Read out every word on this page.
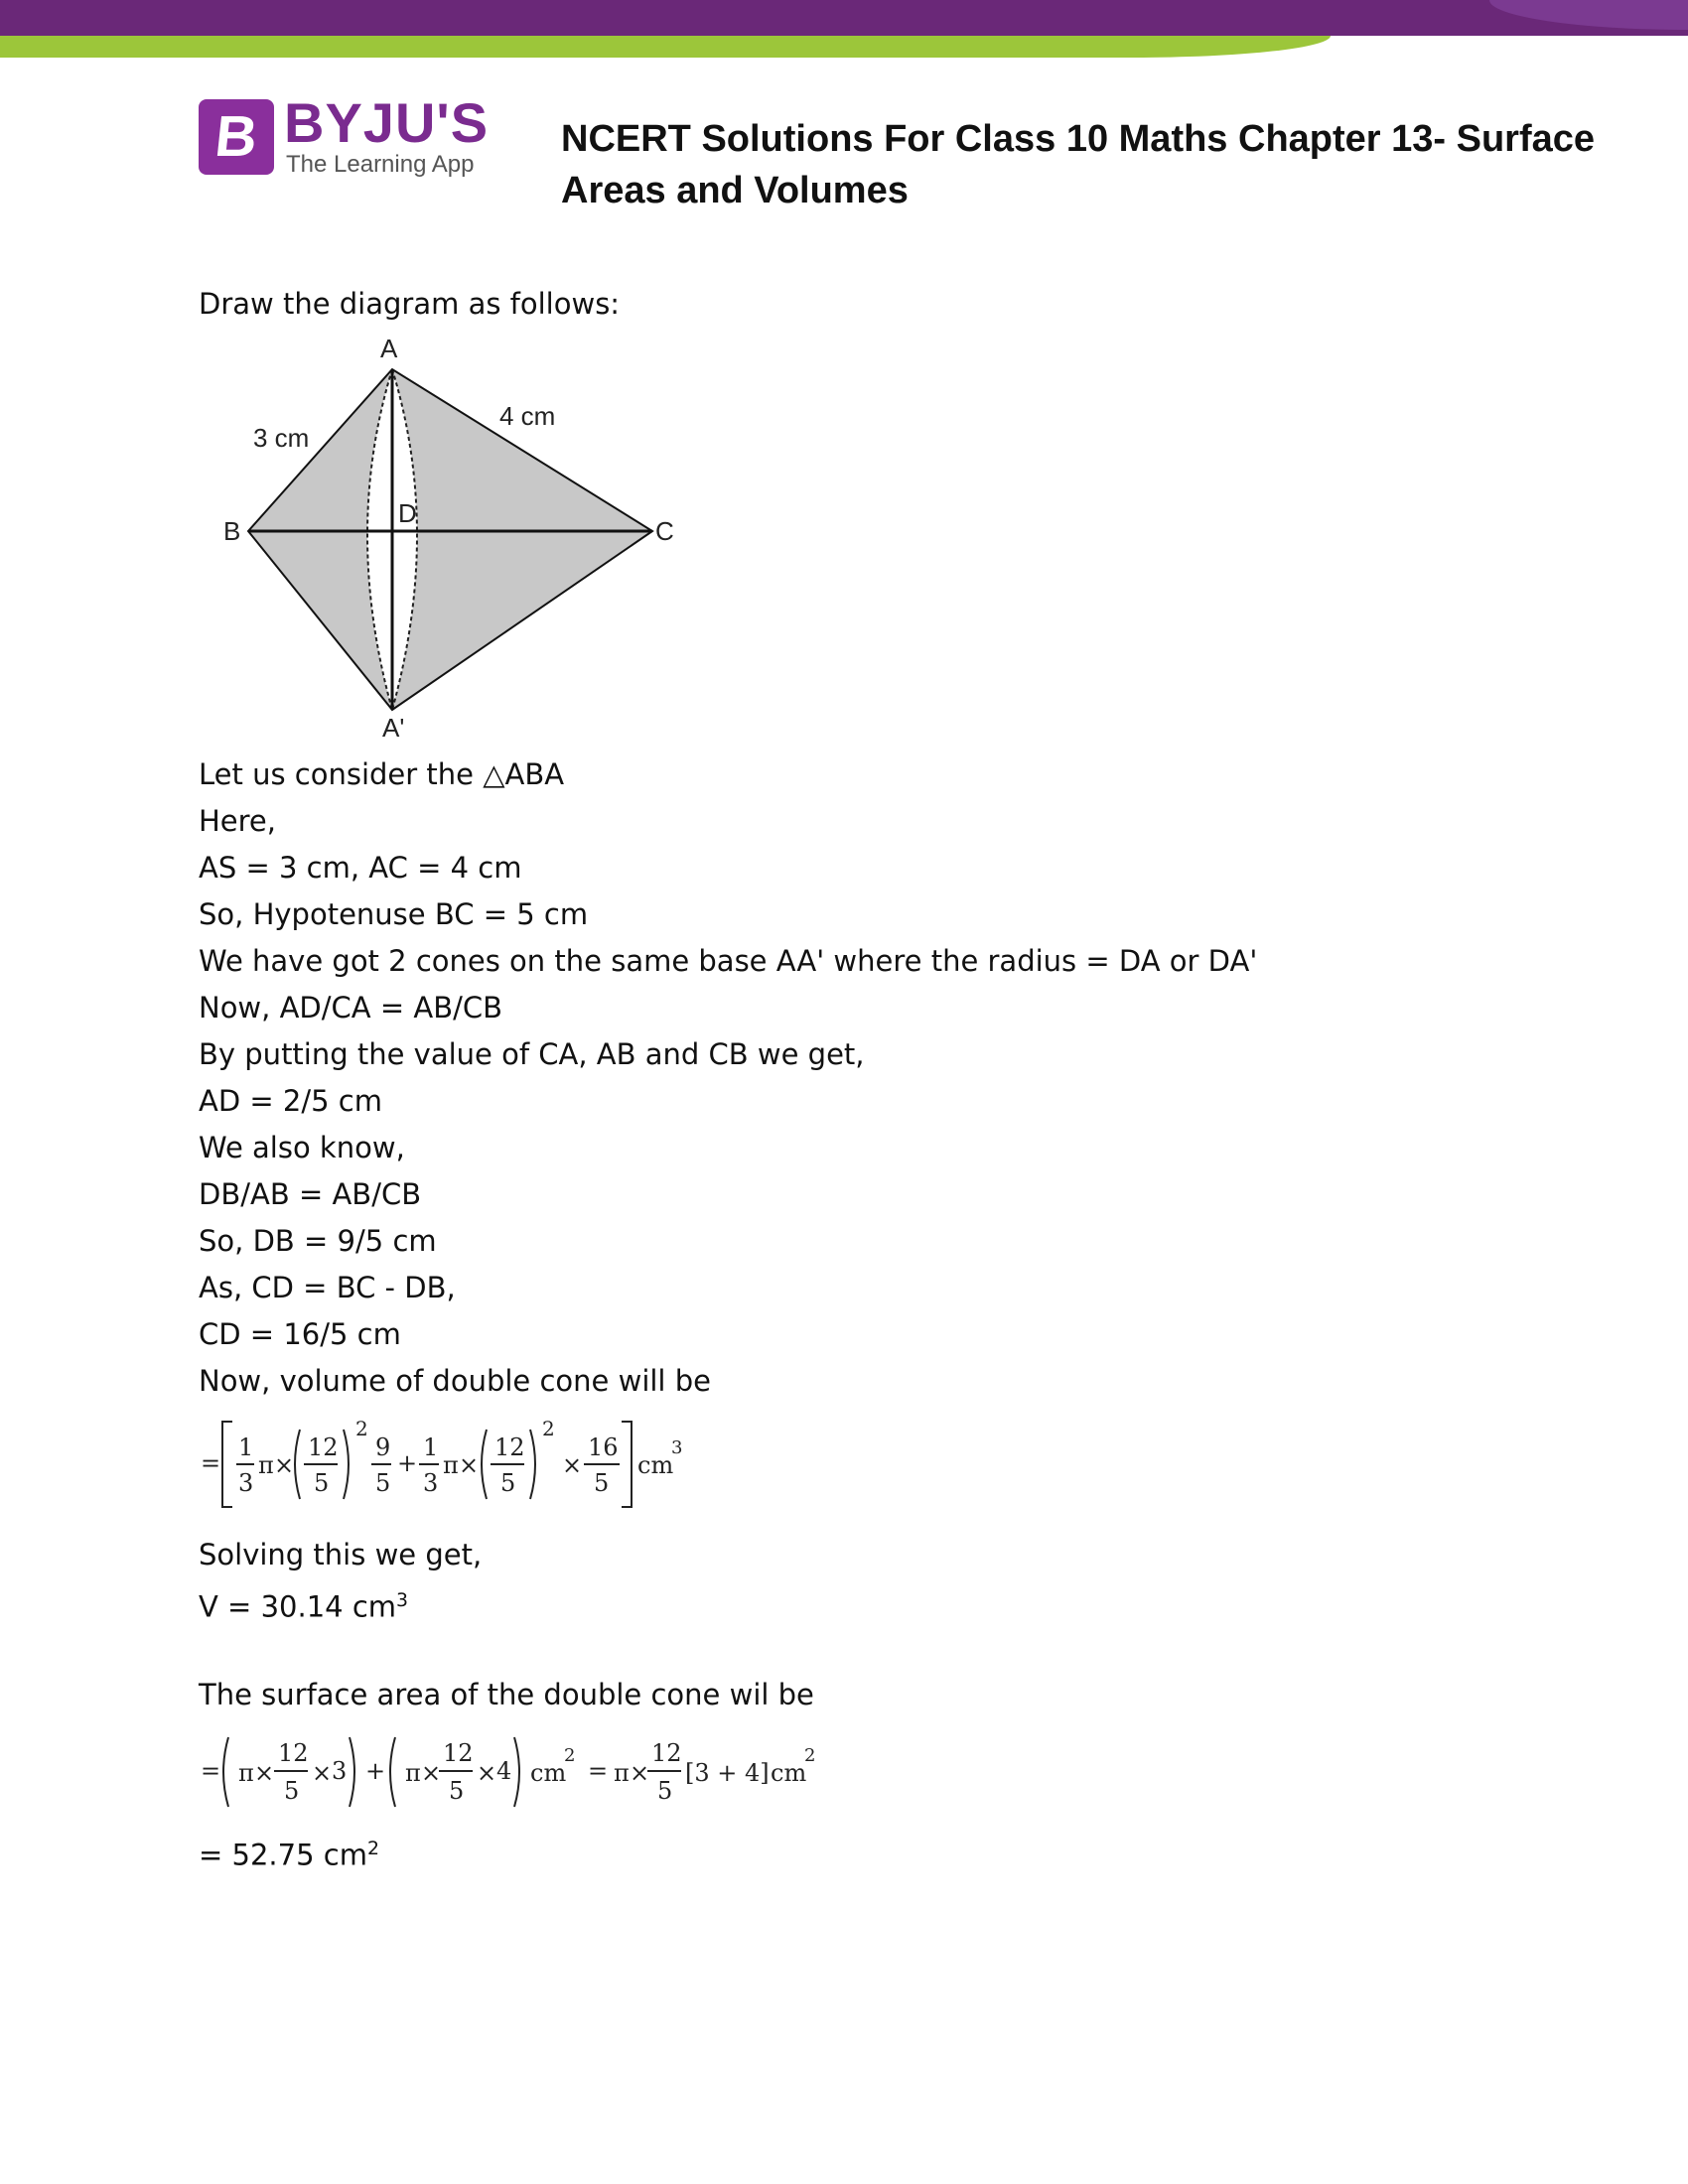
B BYJU'S
The Learning App
NCERT Solutions For Class 10 Maths Chapter 13- Surface Areas and Volumes
Draw the diagram as follows:
A
B	C
D
A'
3 cm
4 cm
Let us consider the △ABA
Here,
AS = 3 cm, AC = 4 cm
So, Hypotenuse BC = 5 cm
We have got 2 cones on the same base AA' where the radius = DA or DA'
Now, AD/CA = AB/CB
By putting the value of CA, AB and CB we get,
AD = 2/5 cm
We also know,
DB/AB = AB/CB
So, DB = 9/5 cm
As, CD = BC - DB,
CD = 16/5 cm
Now, volume of double cone will be
=
1
3
π ×
12
5
2
9
5
+
1
3
π ×
12
5
2
×
16
5
cm
3
Solving this we get,
V = 30.14 $cm^3$
The surface area of the double cone wil be
= π ×
12
5
× 3 + π ×
12
5
× 4 cm
2
= π ×
12
5
[3 + 4] cm
2
= 52.75 $cm^2$
